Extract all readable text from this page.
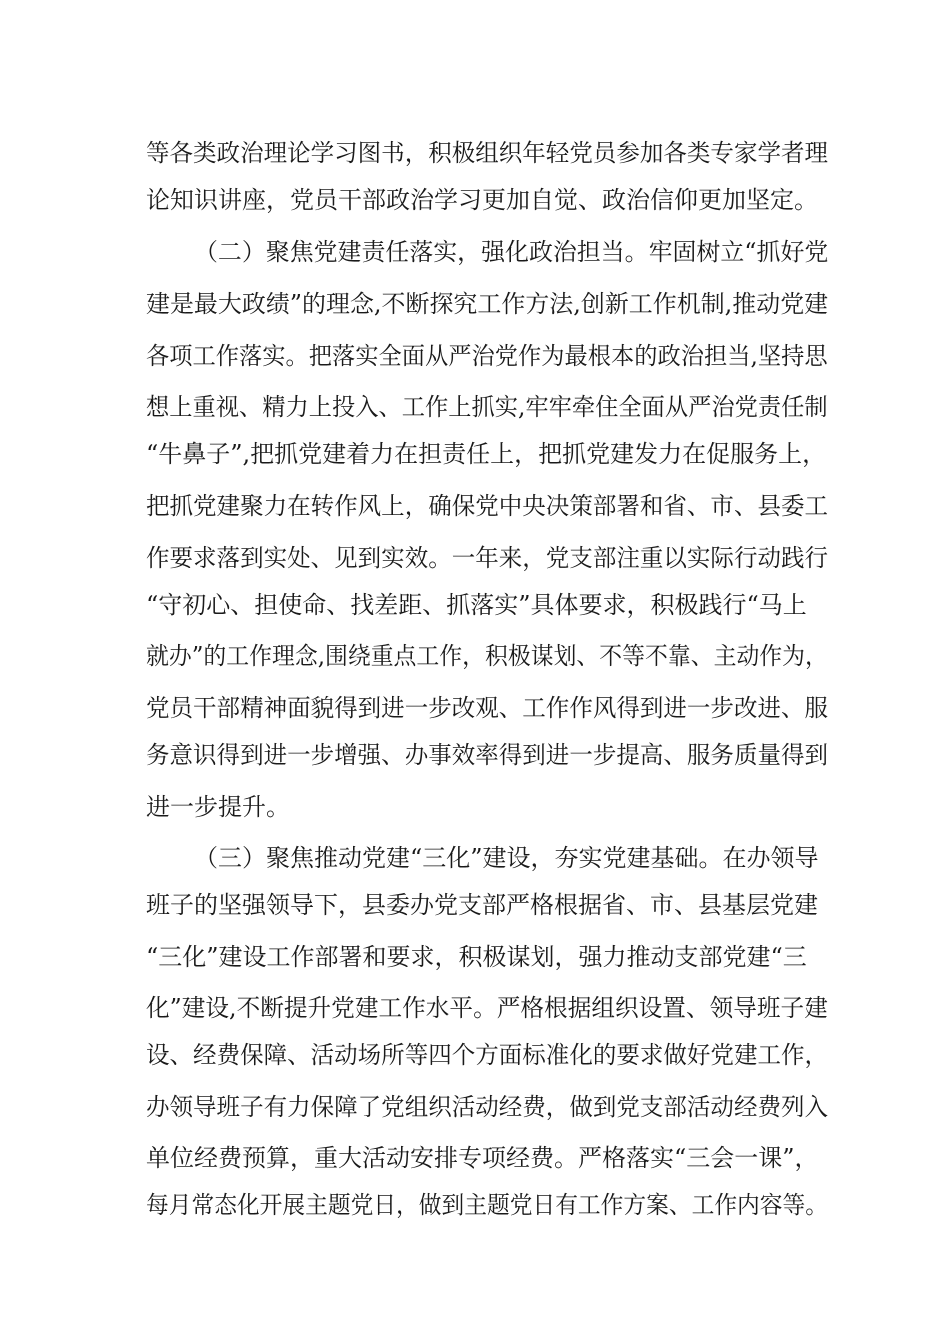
等各类政治理论学习图书，积极组织年轻党员参加各类专家学者理
论知识讲座，党员干部政治学习更加自觉、政治信仰更加坚定。
（二）聚焦党建责任落实，强化政治担当。牢固树立“抓好党
建是最大政绩”的理念,不断探究工作方法,创新工作机制,推动党建
各项工作落实。把落实全面从严治党作为最根本的政治担当,坚持思
想上重视、精力上投入、工作上抓实,牢牢牵住全面从严治党责任制
“牛鼻子”,把抓党建着力在担责任上，把抓党建发力在促服务上，
把抓党建聚力在转作风上，确保党中央决策部署和省、市、县委工
作要求落到实处、见到实效。一年来，党支部注重以实际行动践行
“守初心、担使命、找差距、抓落实”具体要求，积极践行“马上
就办”的工作理念,围绕重点工作，积极谋划、不等不靠、主动作为，
党员干部精神面貌得到进一步改观、工作作风得到进一步改进、服
务意识得到进一步增强、办事效率得到进一步提高、服务质量得到
进一步提升。
（三）聚焦推动党建“三化”建设，夯实党建基础。在办领导
班子的坚强领导下，县委办党支部严格根据省、市、县基层党建
“三化”建设工作部署和要求，积极谋划，强力推动支部党建“三
化”建设,不断提升党建工作水平。严格根据组织设置、领导班子建
设、经费保障、活动场所等四个方面标准化的要求做好党建工作，
办领导班子有力保障了党组织活动经费，做到党支部活动经费列入
单位经费预算，重大活动安排专项经费。严格落实“三会一课”，
每月常态化开展主题党日，做到主题党日有工作方案、工作内容等。
